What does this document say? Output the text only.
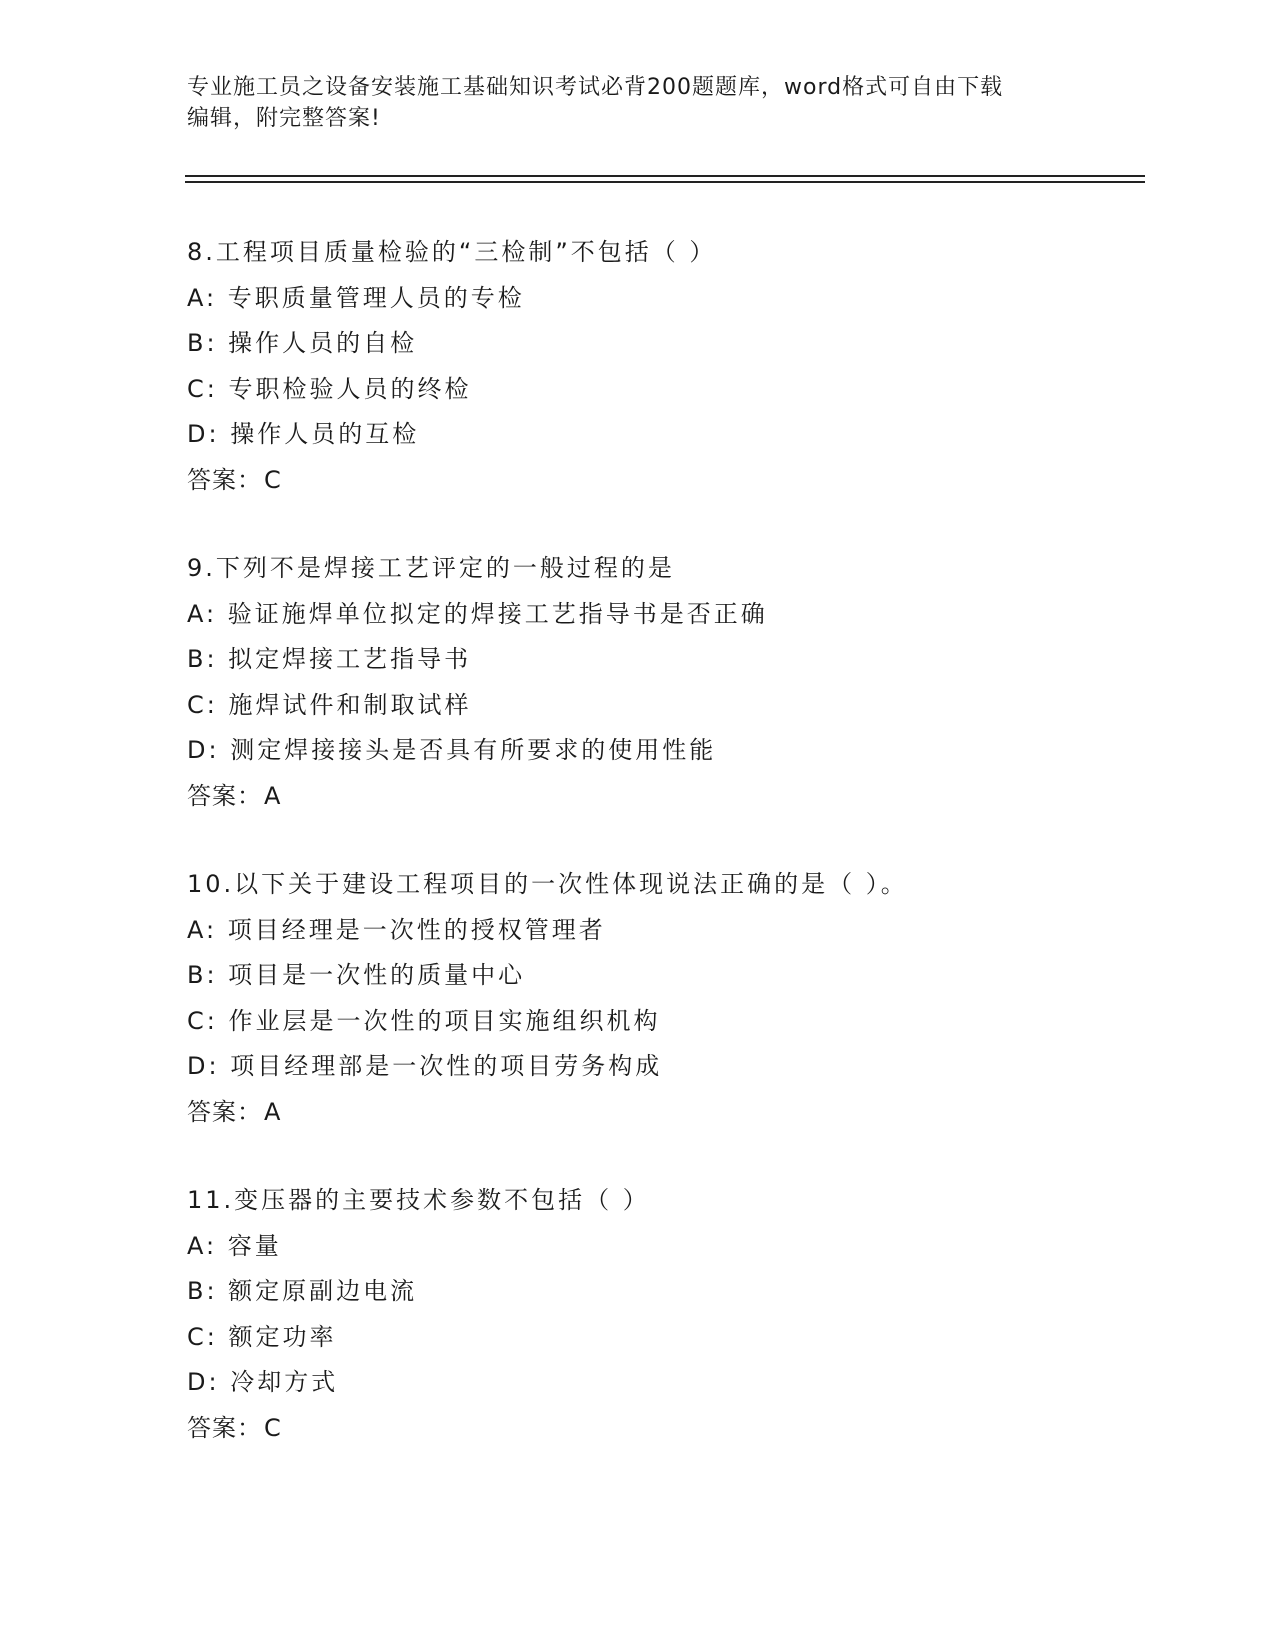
专业施工员之设备安装施工基础知识考试必背200题题库，word格式可自由下载
编辑，附完整答案!
8.工程项目质量检验的“三检制”不包括（ ）
A: 专职质量管理人员的专检
B: 操作人员的自检
C: 专职检验人员的终检
D: 操作人员的互检
答案：C
9.下列不是焊接工艺评定的一般过程的是
A: 验证施焊单位拟定的焊接工艺指导书是否正确
B: 拟定焊接工艺指导书
C: 施焊试件和制取试样
D: 测定焊接接头是否具有所要求的使用性能
答案：A
10.以下关于建设工程项目的一次性体现说法正确的是（ ）。
A: 项目经理是一次性的授权管理者
B: 项目是一次性的质量中心
C: 作业层是一次性的项目实施组织机构
D: 项目经理部是一次性的项目劳务构成
答案：A
11.变压器的主要技术参数不包括（ ）
A: 容量
B: 额定原副边电流
C: 额定功率
D: 冷却方式
答案：C
